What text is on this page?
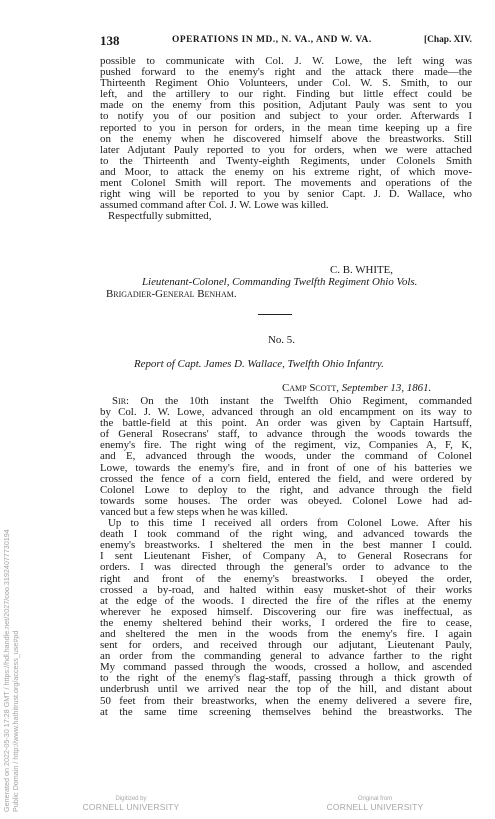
138	OPERATIONS IN MD., N. VA., AND W. VA.	[Chap. XIV.
possible to communicate with Col. J. W. Lowe, the left wing was
pushed forward to the enemy's right and the attack there made—the
Thirteenth Regiment Ohio Volunteers, under Col. W. S. Smith, to our
left, and the artillery to our right. Finding but little effect could be
made on the enemy from this position, Adjutant Pauly was sent to you
to notify you of our position and subject to your order. Afterwards I
reported to you in person for orders, in the mean time keeping up a fire
on the enemy when he discovered himself above the breastworks. Still
later Adjutant Pauly reported to you for orders, when we were attached
to the Thirteenth and Twenty-eighth Regiments, under Colonels Smith
and Moor, to attack the enemy on his extreme right, of which move-
ment Colonel Smith will report. The movements and operations of the
right wing will be reported to you by senior Capt. J. D. Wallace, who
assumed command after Col. J. W. Lowe was killed.
Respectfully submitted,
C. B. WHITE,
Lieutenant-Colonel, Commanding Twelfth Regiment Ohio Vols.
Brigadier-General Benham.
No. 5.
Report of Capt. James D. Wallace, Twelfth Ohio Infantry.
Camp Scott, September 13, 1861.
Sir: On the 10th instant the Twelfth Ohio Regiment, commanded
by Col. J. W. Lowe, advanced through an old encampment on its way to
the battle-field at this point. An order was given by Captain Hartsuff,
of General Rosecrans' staff, to advance through the woods towards the
enemy's fire. The right wing of the regiment, viz, Companies A, F, K,
and E, advanced through the woods, under the command of Colonel
Lowe, towards the enemy's fire, and in front of one of his batteries we
crossed the fence of a corn field, entered the field, and were ordered by
Colonel Lowe to deploy to the right, and advance through the field
towards some houses. The order was obeyed. Colonel Lowe had ad-
vanced but a few steps when he was killed.
Up to this time I received all orders from Colonel Lowe. After his
death I took command of the right wing, and advanced towards the
enemy's breastworks. I sheltered the men in the best manner I could.
I sent Lieutenant Fisher, of Company A, to General Rosecrans for
orders. I was directed through the general's order to advance to the
right and front of the enemy's breastworks. I obeyed the order,
crossed a by-road, and halted within easy musket-shot of their works
at the edge of the woods. I directed the fire of the rifles at the enemy
wherever he exposed himself. Discovering our fire was ineffectual, as
the enemy sheltered behind their works, I ordered the fire to cease,
and sheltered the men in the woods from the enemy's fire. I again
sent for orders, and received through our adjutant, Lieutenant Pauly,
an order from the commanding general to advance farther to the right
My command passed through the woods, crossed a hollow, and ascended
to the right of the enemy's flag-staff, passing through a thick growth of
underbrush until we arrived near the top of the hill, and distant about
50 feet from their breastworks, when the enemy delivered a severe fire,
at the same time screening themselves behind the breastworks. The
Generated on 2022-05-30 17:28 GMT / https://hdl.handle.net/2027/coo.31924077730194 Public Domain / http://www.hathitrust.org/access_use#pd	Digitized by
CORNELL UNIVERSITY
Original from
CORNELL UNIVERSITY
